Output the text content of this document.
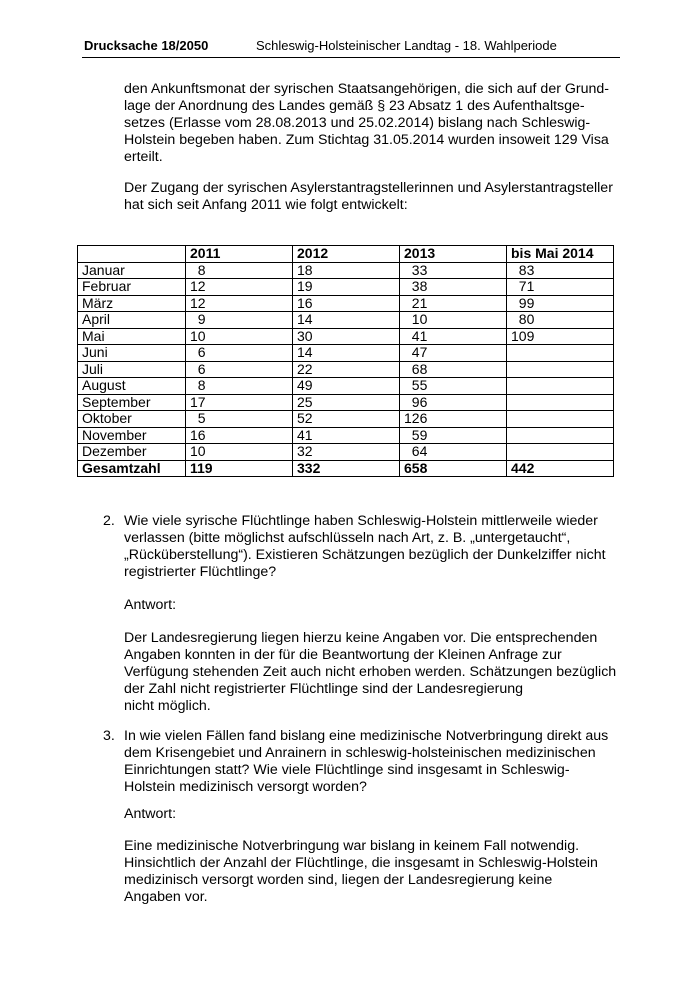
Drucksache 18/2050	Schleswig-Holsteinischer Landtag - 18. Wahlperiode
den Ankunftsmonat der syrischen Staatsangehörigen, die sich auf der Grund-
lage der Anordnung des Landes gemäß § 23 Absatz 1 des Aufenthaltsge-
setzes (Erlasse vom 28.08.2013 und 25.02.2014) bislang nach Schleswig-
Holstein begeben haben. Zum Stichtag 31.05.2014 wurden insoweit 129 Visa
erteilt.
Der Zugang der syrischen Asylerstantragstellerinnen und Asylerstantragsteller
hat sich seit Anfang 2011 wie folgt entwickelt:
	2011	2012	2013	bis Mai 2014
Januar	8	18	33	83
Februar	12	19	38	71
März	12	16	21	99
April	9	14	10	80
Mai	10	30	41	109
Juni	6	14	47	
Juli	6	22	68	
August	8	49	55	
September	17	25	96	
Oktober	5	52	126	
November	16	41	59	
Dezember	10	32	64	
Gesamtzahl	119	332	658	442
2. Wie viele syrische Flüchtlinge haben Schleswig-Holstein mittlerweile wieder
verlassen (bitte möglichst aufschlüsseln nach Art, z. B. „untergetaucht“,
„Rücküberstellung“). Existieren Schätzungen bezüglich der Dunkelziffer nicht
registrierter Flüchtlinge?
Antwort:
Der Landesregierung liegen hierzu keine Angaben vor. Die entsprechenden
Angaben konnten in der für die Beantwortung der Kleinen Anfrage zur
Verfügung stehenden Zeit auch nicht erhoben werden. Schätzungen bezüglich
der Zahl nicht registrierter Flüchtlinge sind der Landesregierung
nicht möglich.
3. In wie vielen Fällen fand bislang eine medizinische Notverbringung direkt aus
dem Krisengebiet und Anrainern in schleswig-holsteinischen medizinischen
Einrichtungen statt? Wie viele Flüchtlinge sind insgesamt in Schleswig-
Holstein medizinisch versorgt worden?
Antwort:
Eine medizinische Notverbringung war bislang in keinem Fall notwendig.
Hinsichtlich der Anzahl der Flüchtlinge, die insgesamt in Schleswig-Holstein
medizinisch versorgt worden sind, liegen der Landesregierung keine
Angaben vor.
